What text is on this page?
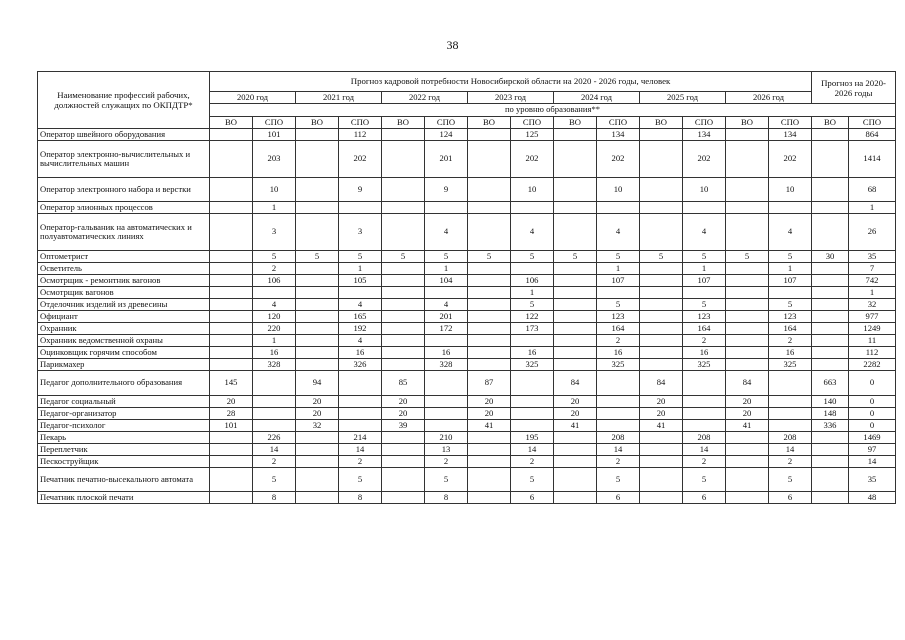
38
Наименование профессий рабочих, должностей служащих по ОКПДТР*	Прогноз кадровой потребности Новосибирской области на 2020 - 2026 годы, человек														Прогноз на 2020-2026 годы	
	2020 год		2021 год		2022 год		2023 год		2024 год		2025 год		2026 год			
	по уровню образования**															
	ВО	СПО	ВО	СПО	ВО	СПО	ВО	СПО	ВО	СПО	ВО	СПО	ВО	СПО	ВО	СПО
Оператор швейного оборудования		101		112		124		125		134		134		134		864
Оператор электронно-вычислительных и вычислительных машин		203		202		201		202		202		202		202		1414
Оператор электронного набора и верстки		10		9		9		10		10		10		10		68
Оператор элионных процессов		1														1
Оператор-гальваник на автоматических и полуавтоматических линиях		3		3		4		4		4		4		4		26
Оптометрист		5	5	5	5	5	5	5	5	5	5	5	5	5	30	35
Осветитель		2		1		1				1		1		1		7
Осмотрщик - ремонтник вагонов		106		105		104		106		107		107		107		742
Осмотрщик вагонов								1								1
Отделочник изделий из древесины		4		4		4		5		5		5		5		32
Официант		120		165		201		122		123		123		123		977
Охранник		220		192		172		173		164		164		164		1249
Охранник ведомственной охраны		1		4						2		2		2		11
Оцинковщик горячим способом		16		16		16		16		16		16		16		112
Парикмахер		328		326		328		325		325		325		325		2282
Педагог дополнительного образования	145		94		85		87		84		84		84		663	0
Педагог социальный	20		20		20		20		20		20		20		140	0
Педагог-организатор	28		20		20		20		20		20		20		148	0
Педагог-психолог	101		32		39		41		41		41		41		336	0
Пекарь		226		214		210		195		208		208		208		1469
Переплетчик		14		14		13		14		14		14		14		97
Пескоструйщик		2		2		2		2		2		2		2		14
Печатник печатно-высекального автомата		5		5		5		5		5		5		5		35
Печатник плоской печати		8		8		8		6		6		6		6		48
